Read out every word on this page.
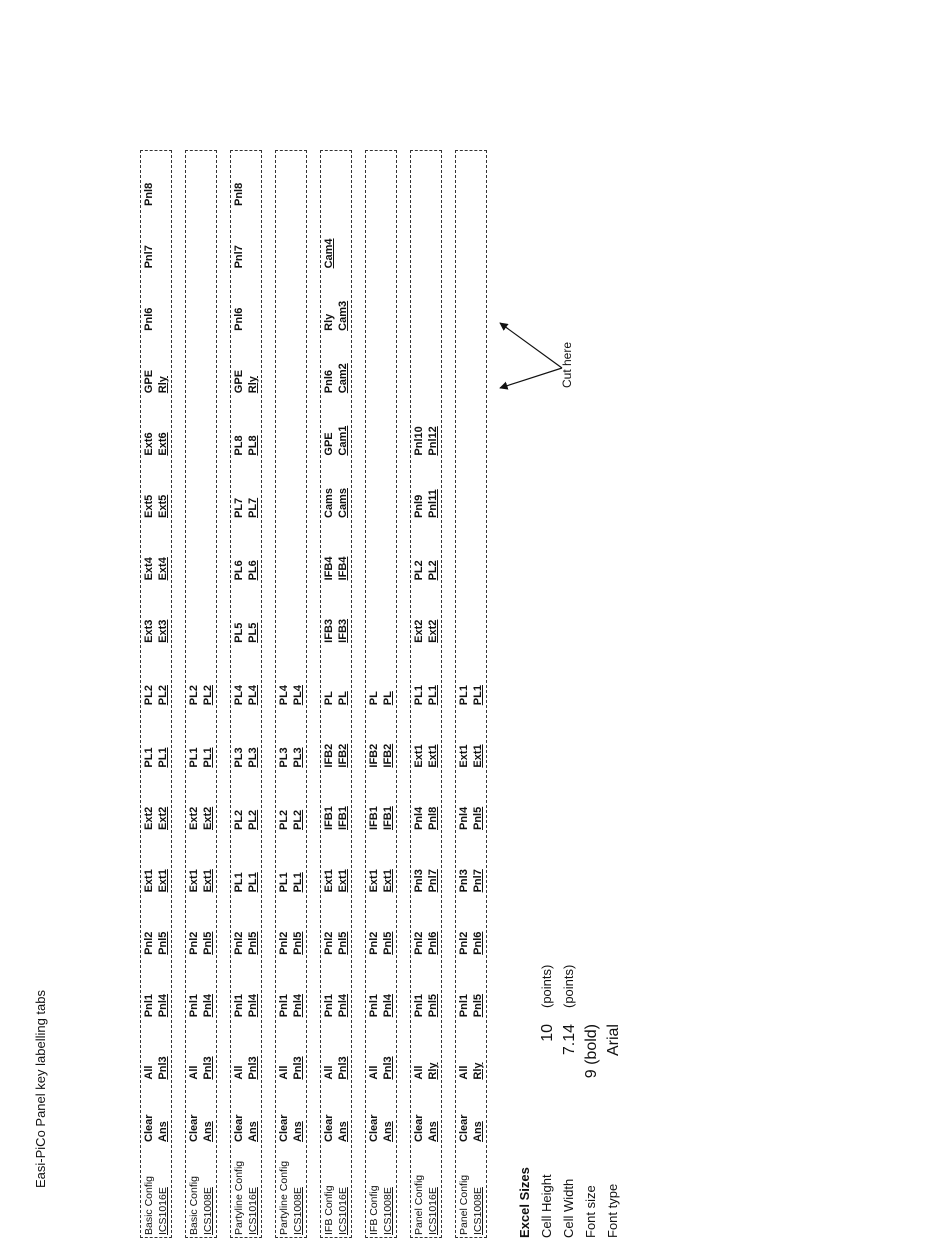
Easi-PiCo Panel key labelling tabs
Basic Config ICS1016E
Clear Ans
All Pnl3
Pnl1 Pnl4
Pnl2 Pnl5
Ext1 Ext1
Ext2 Ext2
PL1 PL1
PL2 PL2
Ext3 Ext3
Ext4 Ext4
Ext5 Ext5
Ext6 Ext6
GPE Rly
Pnl6
Pnl7
Pnl8
Basic Config ICS1008E
Clear Ans
All Pnl3
Pnl1 Pnl4
Pnl2 Pnl5
Ext1 Ext1
Ext2 Ext2
PL1 PL1
PL2 PL2
Partyline Config ICS1016E
Clear Ans
All Pnl3
Pnl1 Pnl4
Pnl2 Pnl5
PL1 PL1
PL2 PL2
PL3 PL3
PL4 PL4
PL5 PL5
PL6 PL6
PL7 PL7
PL8 PL8
GPE Rly
Pnl6
Pnl7
Pnl8
Partyline Config ICS1008E
Clear Ans
All Pnl3
Pnl1 Pnl4
Pnl2 Pnl5
PL1 PL1
PL2 PL2
PL3 PL3
PL4 PL4
IFB Config ICS1016E
Clear Ans
All Pnl3
Pnl1 Pnl4
Pnl2 Pnl5
Ext1 Ext1
IFB1 IFB1
IFB2 IFB2
PL PL
IFB3 IFB3
IFB4 IFB4
Cams Cams
GPE Cam1
Pnl6 Cam2
Rly Cam3
Cam4
IFB Config ICS1008E
Clear Ans
All Pnl3
Pnl1 Pnl4
Pnl2 Pnl5
Ext1 Ext1
IFB1 IFB1
IFB2 IFB2
PL PL
Panel Config ICS1016E
Clear Ans
All Rly
Pnl1 Pnl5
Pnl2 Pnl6
Pnl3 Pnl7
Pnl4 Pnl8
Ext1 Ext1
PL1 PL1
Ext2 Ext2
PL2 PL2
Pnl9 Pnl11
Pnl10 Pnl12
Panel Config ICS1008E
Clear Ans
All Rly
Pnl1 Pnl5
Pnl2 Pnl6
Pnl3 Pnl7
Pnl4 Pnl5
Ext1 Ext1
PL1 PL1
Excel Sizes Cell Height
10
(points)
Cell Width
7.14
(points)
Font size
9 (bold)
Font type
Arial
Cut here
